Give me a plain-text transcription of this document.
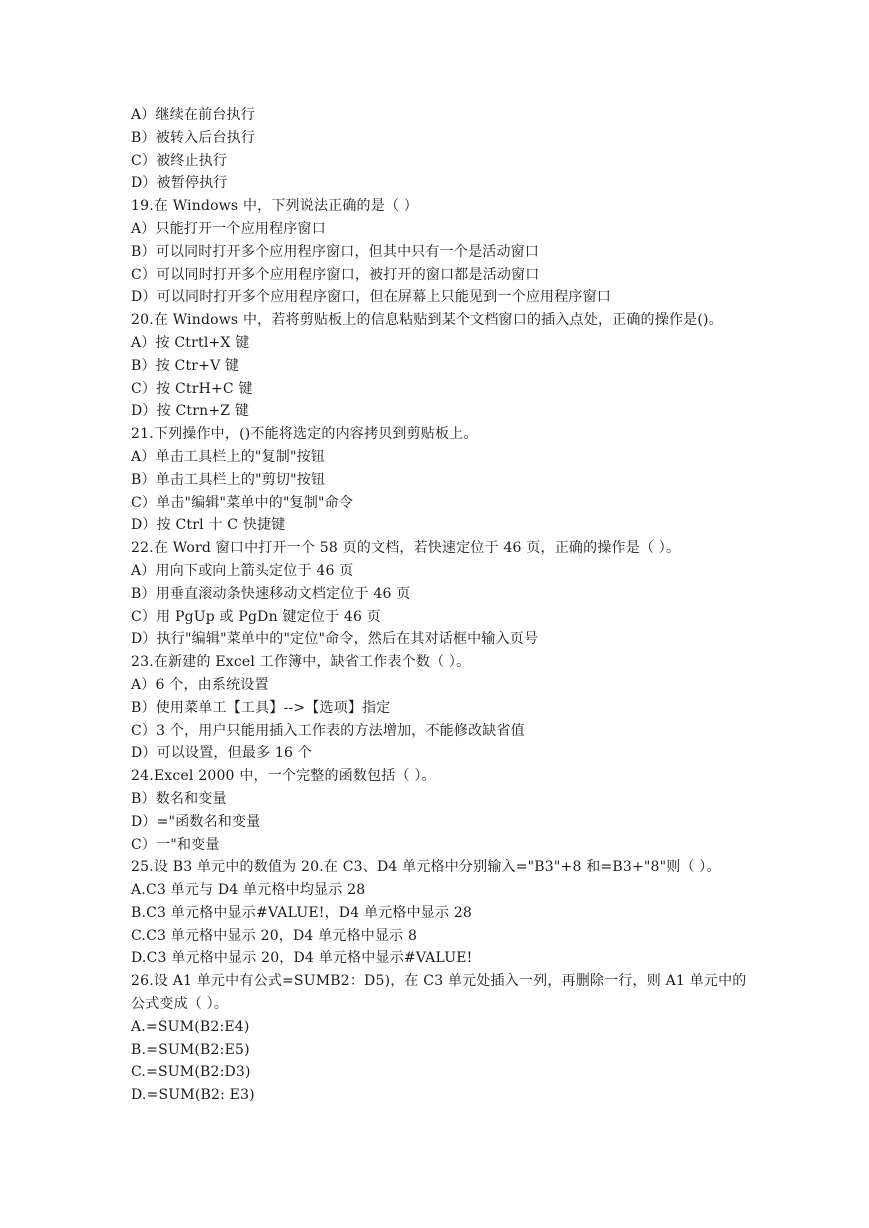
A）继续在前台执行
B）被转入后台执行
C）被终止执行
D）被暂停执行
19.在 Windows 中，下列说法正确的是（ ）
A）只能打开一个应用程序窗口
B）可以同时打开多个应用程序窗口，但其中只有一个是活动窗口
C）可以同时打开多个应用程序窗口，被打开的窗口都是活动窗口
D）可以同时打开多个应用程序窗口，但在屏幕上只能见到一个应用程序窗口
20.在 Windows 中，若将剪贴板上的信息粘贴到某个文档窗口的插入点处，正确的操作是()。
A）按 Ctrtl+X 键
B）按 Ctr+V 键
C）按 CtrH+C 键
D）按 Ctrn+Z 键
21.下列操作中，()不能将选定的内容拷贝到剪贴板上。
A）单击工具栏上的"复制"按钮
B）单击工具栏上的"剪切"按钮
C）单击"编辑"菜单中的"复制"命令
D）按 Ctrl 十 C 快捷键
22.在 Word 窗口中打开一个 58 页的文档，若快速定位于 46 页，正确的操作是（ ）。
A）用向下或向上箭头定位于 46 页
B）用垂直滚动条快速移动文档定位于 46 页
C）用 PgUp 或 PgDn 键定位于 46 页
D）执行"编辑"菜单中的"定位"命令，然后在其对话框中输入页号
23.在新建的 Excel 工作簿中，缺省工作表个数（ ）。
A）6 个，由系统设置
B）使用菜单工【工具】-->【选项】指定
C）3 个，用户只能用插入工作表的方法增加，不能修改缺省值
D）可以设置，但最多 16 个
24.Excel 2000 中，一个完整的函数包括（ ）。
B）数名和变量
D）="函数名和变量
C）一"和变量
25.设 B3 单元中的数值为 20.在 C3、D4 单元格中分别输入="B3"+8 和=B3+"8"则（ ）。
A.C3 单元与 D4 单元格中均显示 28
B.C3 单元格中显示#VALUE!，D4 单元格中显示 28
C.C3 单元格中显示 20，D4 单元格中显示 8
D.C3 单元格中显示 20，D4 单元格中显示#VALUE!
26.设 A1 单元中有公式=SUMB2：D5)，在 C3 单元处插入一列，再删除一行，则 A1 单元中的
公式变成（ ）。
A.=SUM(B2:E4)
B.=SUM(B2:E5)
C.=SUM(B2:D3)
D.=SUM(B2: E3)
